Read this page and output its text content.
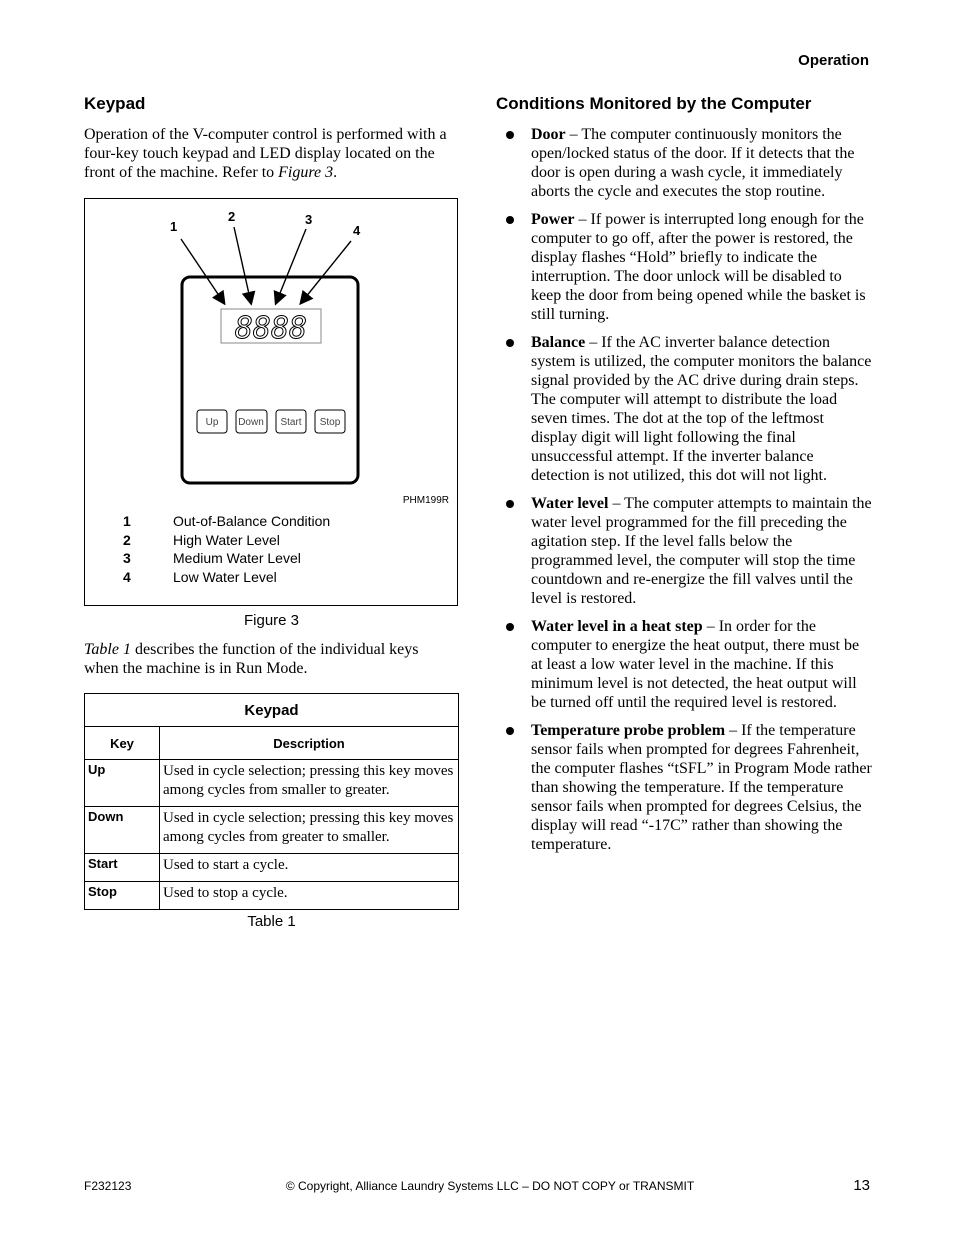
Operation
Keypad

Operation of the V-computer control is performed with a four-key touch keypad and LED display located on the front of the machine. Refer to Figure 3.

1
2	3
4
8888
Up Down Start Stop
PHM199R
1	Out-of-Balance Condition
2	High Water Level
3	Medium Water Level
4	Low Water Level
Figure 3

Table 1 describes the function of the individual keys when the machine is in Run Mode.

Keypad	
Key	Description
Up	Used in cycle selection; pressing this key moves among cycles from smaller to greater.
Down	Used in cycle selection; pressing this key moves among cycles from greater to smaller.
Start	Used to start a cycle.
Stop	Used to stop a cycle.
Table 1
Conditions Monitored by the Computer
Door – The computer continuously monitors the open/locked status of the door. If it detects that the door is open during a wash cycle, it immediately aborts the cycle and executes the stop routine.
Power – If power is interrupted long enough for the computer to go off, after the power is restored, the display flashes “Hold” briefly to indicate the interruption. The door unlock will be disabled to keep the door from being opened while the basket is still turning.
Balance – If the AC inverter balance detection system is utilized, the computer monitors the balance signal provided by the AC drive during drain steps. The computer will attempt to distribute the load seven times. The dot at the top of the leftmost display digit will light following the final unsuccessful attempt. If the inverter balance detection is not utilized, this dot will not light.
Water level – The computer attempts to maintain the water level programmed for the fill preceding the agitation step. If the level falls below the programmed level, the computer will stop the time countdown and re-energize the fill valves until the level is restored.
Water level in a heat step – In order for the computer to energize the heat output, there must be at least a low water level in the machine. If this minimum level is not detected, the heat output will be turned off until the required level is restored.
Temperature probe problem – If the temperature sensor fails when prompted for degrees Fahrenheit, the computer flashes “tSFL” in Program Mode rather than showing the temperature. If the temperature sensor fails when prompted for degrees Celsius, the display will read “-17C” rather than showing the temperature.
F232123	© Copyright, Alliance Laundry Systems LLC – DO NOT COPY or TRANSMIT	13
